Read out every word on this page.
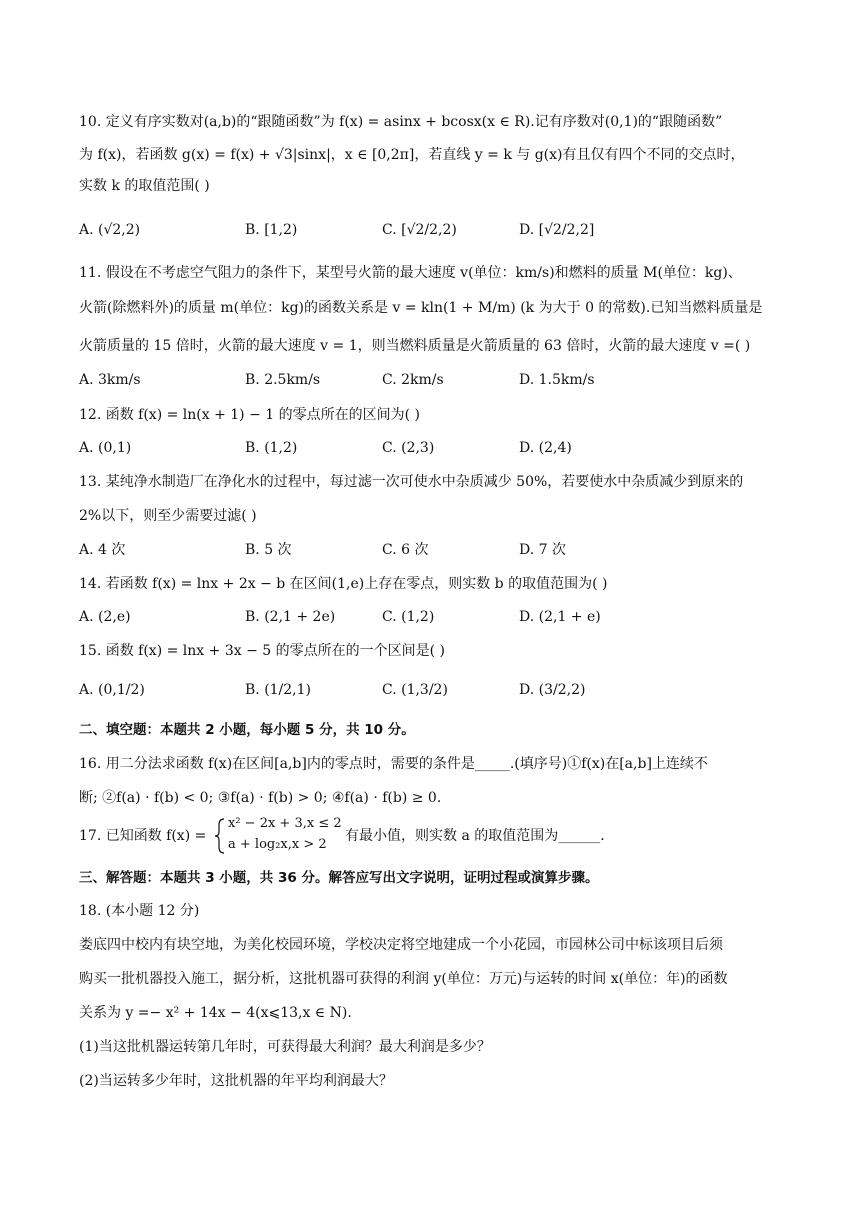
10. 定义有序实数对(a,b)的“跟随函数”为 f(x) = asinx + bcosx(x ∈ R).记有序数对(0,1)的“跟随函数”
为 f(x)，若函数 g(x) = f(x) + √3|sinx|，x ∈ [0,2π]，若直线 y = k 与 g(x)有且仅有四个不同的交点时，
实数 k 的取值范围( )
A. (√2,2)	B. [1,2)	C. [√2/2,2)	D. [√2/2,2]
11. 假设在不考虑空气阻力的条件下，某型号火箭的最大速度 v(单位：km/s)和燃料的质量 M(单位：kg)、
火箭(除燃料外)的质量 m(单位：kg)的函数关系是 v = kln(1 + M/m) (k 为大于 0 的常数).已知当燃料质量是
火箭质量的 15 倍时，火箭的最大速度 v = 1，则当燃料质量是火箭质量的 63 倍时，火箭的最大速度 v =( )
A. 3km/s	B. 2.5km/s	C. 2km/s	D. 1.5km/s
12. 函数 f(x) = ln(x + 1) − 1 的零点所在的区间为( )
A. (0,1)	B. (1,2)	C. (2,3)	D. (2,4)
13. 某纯净水制造厂在净化水的过程中，每过滤一次可使水中杂质减少 50%，若要使水中杂质减少到原来的
2%以下，则至少需要过滤( )
A. 4 次	B. 5 次	C. 6 次	D. 7 次
14. 若函数 f(x) = lnx + 2x − b 在区间(1,e)上存在零点，则实数 b 的取值范围为( )
A. (2,e)	B. (2,1 + 2e)	C. (1,2)	D. (2,1 + e)
15. 函数 f(x) = lnx + 3x − 5 的零点所在的一个区间是( )
A. (0,1/2)	B. (1/2,1)	C. (1,3/2)	D. (3/2,2)
二、填空题：本题共 2 小题，每小题 5 分，共 10 分。
16. 用二分法求函数 f(x)在区间[a,b]内的零点时，需要的条件是_____.(填序号)①f(x)在[a,b]上连续不
断; ②f(a) · f(b) < 0; ③f(a) · f(b) > 0; ④f(a) · f(b) ≥ 0.
17. 已知函数 f(x) =
x² − 2x + 3,x ≤ 2
a + log₂x,x > 2
有最小值，则实数 a 的取值范围为______.
三、解答题：本题共 3 小题，共 36 分。解答应写出文字说明，证明过程或演算步骤。
18. (本小题 12 分)
娄底四中校内有块空地，为美化校园环境，学校决定将空地建成一个小花园，市园林公司中标该项目后须
购买一批机器投入施工，据分析，这批机器可获得的利润 y(单位：万元)与运转的时间 x(单位：年)的函数
关系为 y =− x² + 14x − 4(x⩽13,x ∈ N).
(1)当这批机器运转第几年时，可获得最大利润？最大利润是多少？
(2)当运转多少年时，这批机器的年平均利润最大？
